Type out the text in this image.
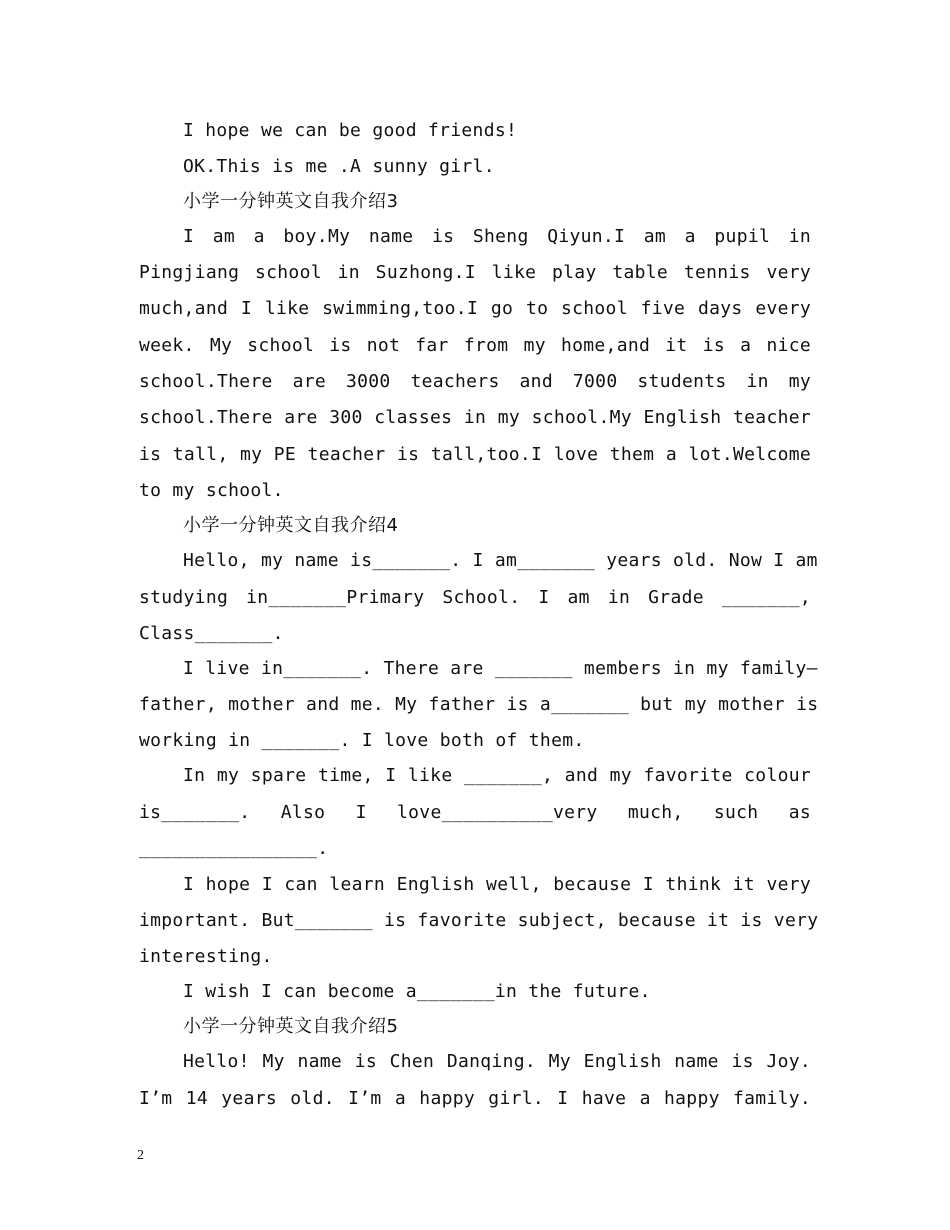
I hope we can be good friends!
OK.This is me .A sunny girl.
小学一分钟英文自我介绍3
I am a boy.My name is Sheng Qiyun.I am a pupil in
Pingjiang school in Suzhong.I like play table tennis very
much,and I like swimming,too.I go to school five days every
week. My school is not far from my home,and it is a nice
school.There are 3000 teachers and 7000 students in my
school.There are 300 classes in my school.My English teacher
is tall, my PE teacher is tall,too.I love them a lot.Welcome
to my school.
小学一分钟英文自我介绍4
Hello, my name is_______. I am_______ years old. Now I am
studying in_______Primary School. I am in Grade _______,
Class_______.
I live in_______. There are _______ members in my family—
father, mother and me. My father is a_______ but my mother is
working in _______. I love both of them.
In my spare time, I like _______, and my favorite colour
is_______. Also I love__________very much, such as
________________.
I hope I can learn English well, because I think it very
important. But_______ is favorite subject, because it is very
interesting.
I wish I can become a_______in the future.
小学一分钟英文自我介绍5
Hello! My name is Chen Danqing. My English name is Joy.
I’m 14 years old. I’m a happy girl. I have a happy family.
2
